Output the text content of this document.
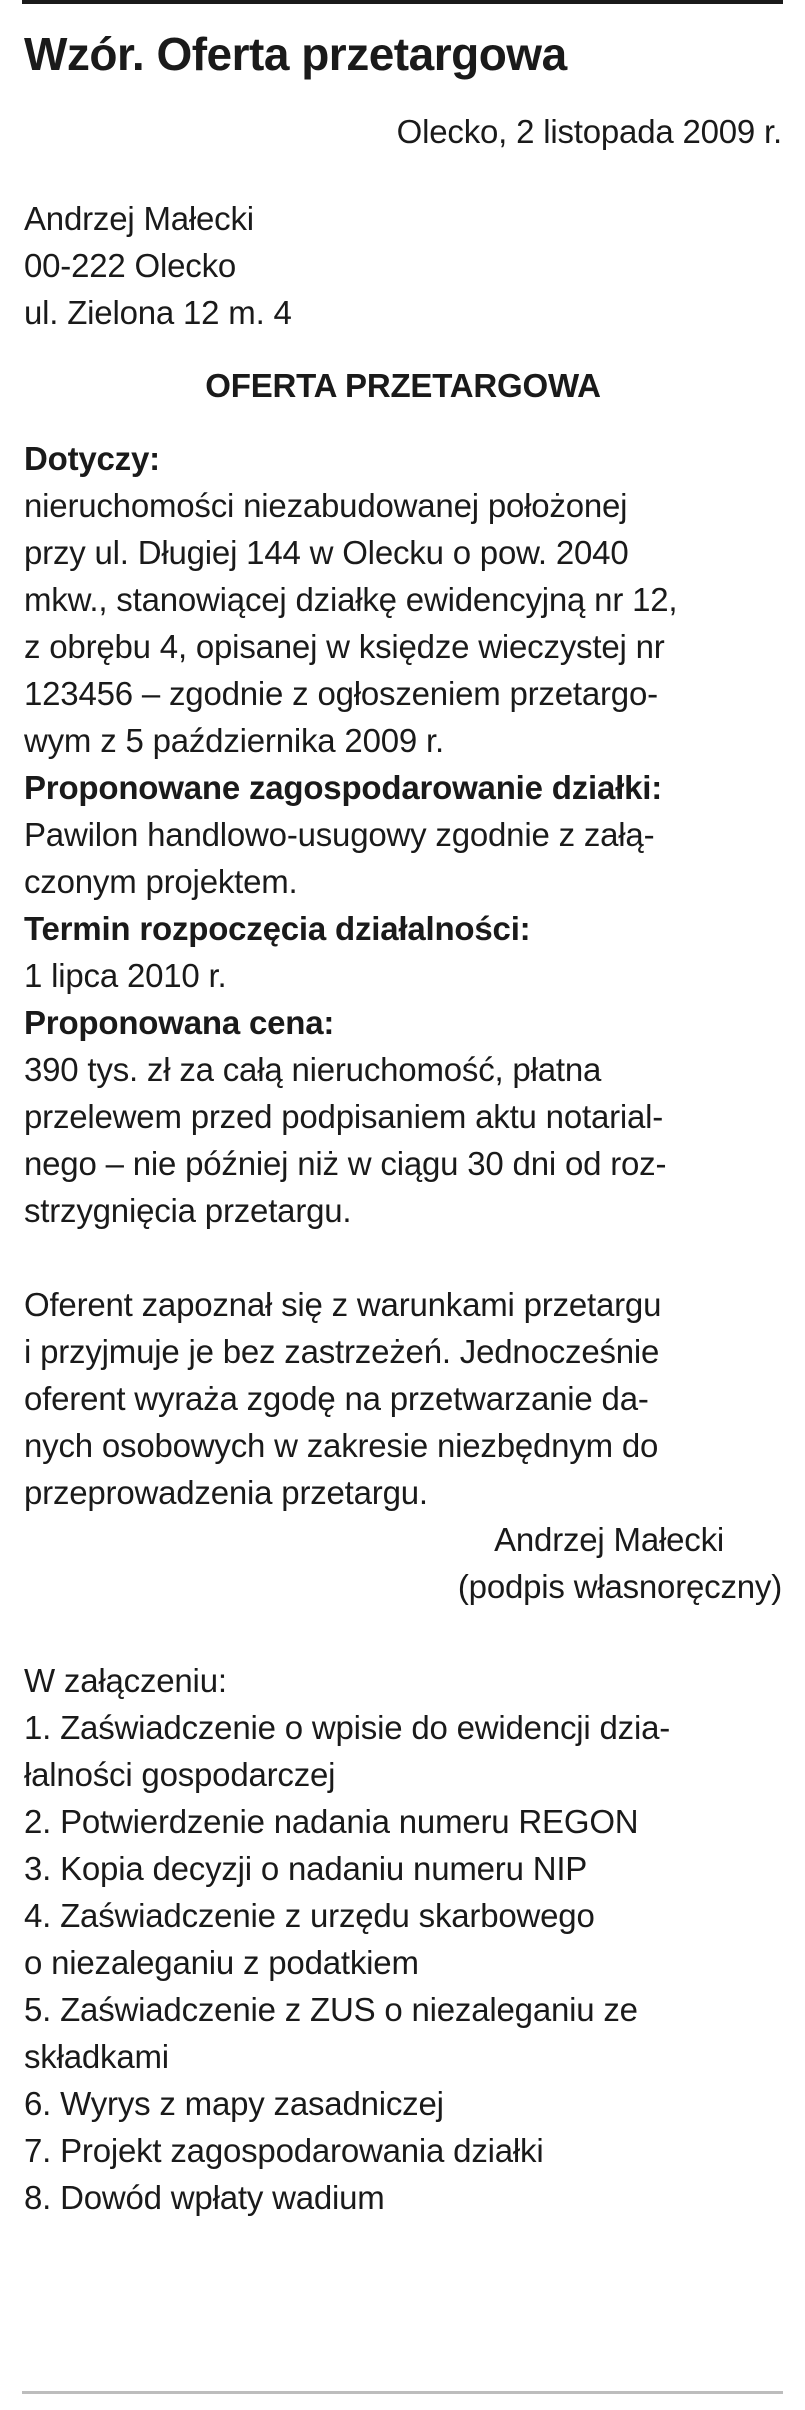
Wzór. Oferta przetargowa
Olecko, 2 listopada 2009 r.
Andrzej Małecki
00-222 Olecko
ul. Zielona 12 m. 4
OFERTA PRZETARGOWA
Dotyczy:
nieruchomości niezabudowanej położonej
przy ul. Długiej 144 w Olecku o pow. 2040
mkw., stanowiącej działkę ewidencyjną nr 12,
z obrębu 4, opisanej w księdze wieczystej nr
123456 – zgodnie z ogłoszeniem przetargo-
wym z 5 października 2009 r.
Proponowane zagospodarowanie działki:
Pawilon handlowo-usugowy zgodnie z załą-
czonym projektem.
Termin rozpoczęcia działalności:
1 lipca 2010 r.
Proponowana cena:
390 tys. zł za całą nieruchomość, płatna
przelewem przed podpisaniem aktu notarial-
nego – nie później niż w ciągu 30 dni od roz-
strzygnięcia przetargu.
Oferent zapoznał się z warunkami przetargu
i przyjmuje je bez zastrzeżeń. Jednocześnie
oferent wyraża zgodę na przetwarzanie da-
nych osobowych w zakresie niezbędnym do
przeprowadzenia przetargu.
Andrzej Małecki
(podpis własnoręczny)
W załączeniu:
1. Zaświadczenie o wpisie do ewidencji dzia-
łalności gospodarczej
2. Potwierdzenie nadania numeru REGON
3. Kopia decyzji o nadaniu numeru NIP
4. Zaświadczenie z urzędu skarbowego
o niezaleganiu z podatkiem
5. Zaświadczenie z ZUS o niezaleganiu ze
składkami
6. Wyrys z mapy zasadniczej
7. Projekt zagospodarowania działki
8. Dowód wpłaty wadium
